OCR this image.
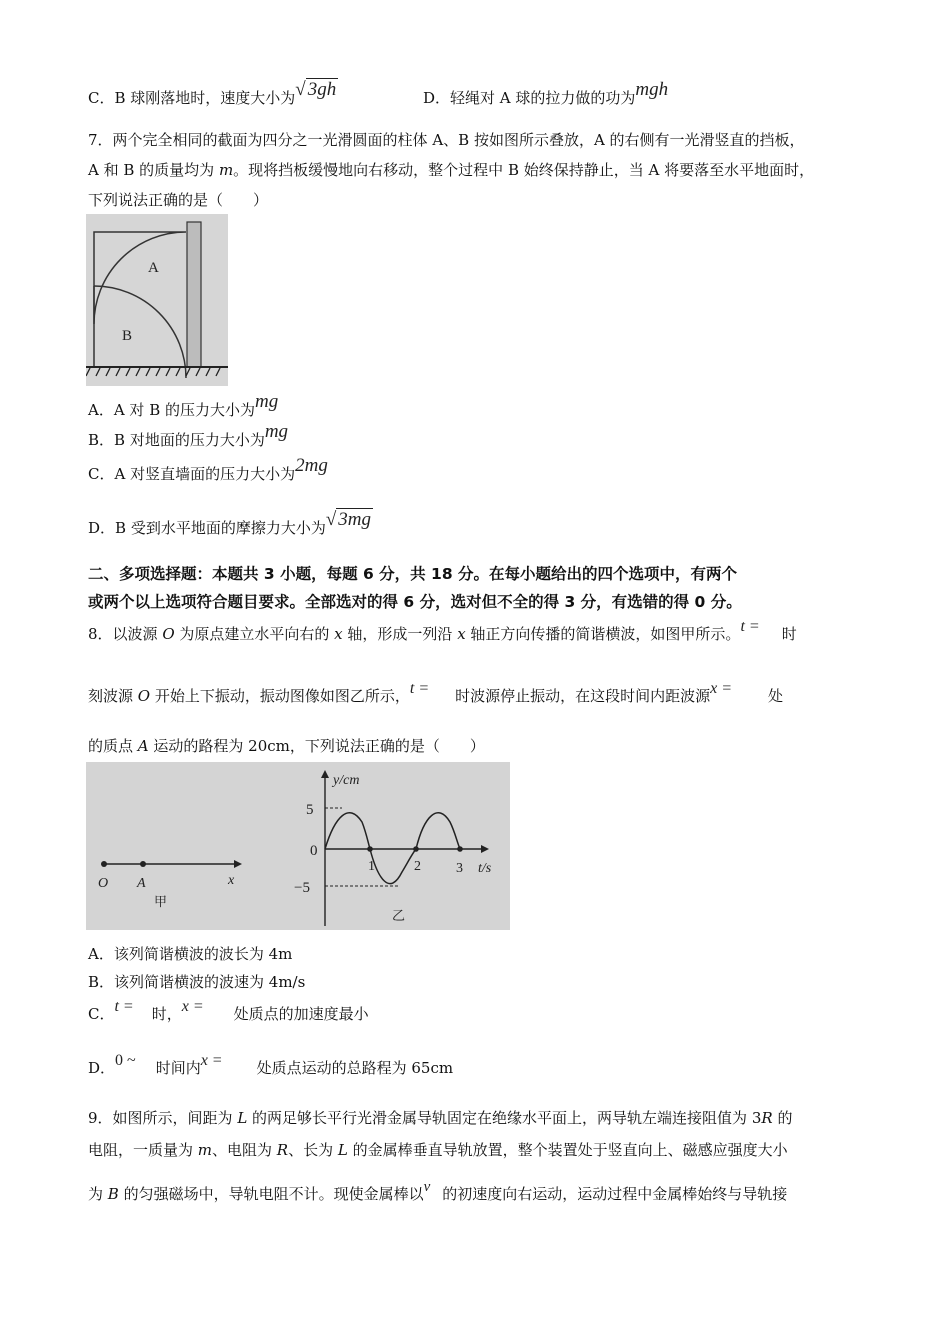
C．B 球刚落地时，速度大小为√ 3gh	D．轻绳对 A 球的拉力做的功为mgh
7．两个完全相同的截面为四分之一光滑圆面的柱体 A、B 按如图所示叠放，A 的右侧有一光滑竖直的挡板，
A 和 B 的质量均为 m。现将挡板缓慢地向右移动，整个过程中 B 始终保持静止，当 A 将要落至水平地面时，
下列说法正确的是（　　）
A
B
A．A 对 B 的压力大小为mg
B．B 对地面的压力大小为mg
C．A 对竖直墙面的压力大小为2mg
D．B 受到水平地面的摩擦力大小为√ 3mg
二、多项选择题：本题共 3 小题，每题 6 分，共 18 分。在每小题给出的四个选项中，有两个
或两个以上选项符合题目要求。全部选对的得 6 分，选对但不全的得 3 分，有选错的得 0 分。
8．以波源 O 为原点建立水平向右的 x 轴，形成一列沿 x 轴正方向传播的简谐横波，如图甲所示。t = 时
刻波源 O 开始上下振动，振动图像如图乙所示，t = 时波源停止振动，在这段时间内距波源x = 处
的质点 A 运动的路程为 20cm，下列说法正确的是（　　）
O A	x
甲
y/cm
t/s
5
−5
0
1	2	3
乙
A．该列简谐横波的波长为 4m
B．该列简谐横波的波速为 4m/s
C．t = 时，x = 处质点的加速度最小
D．0 ~ 时间内x = 处质点运动的总路程为 65cm
9．如图所示，间距为 L 的两足够长平行光滑金属导轨固定在绝缘水平面上，两导轨左端连接阻值为 3R 的
电阻，一质量为 m、电阻为 R、长为 L 的金属棒垂直导轨放置，整个装置处于竖直向上、磁感应强度大小
为 B 的匀强磁场中，导轨电阻不计。现使金属棒以v 的初速度向右运动，运动过程中金属棒始终与导轨接
